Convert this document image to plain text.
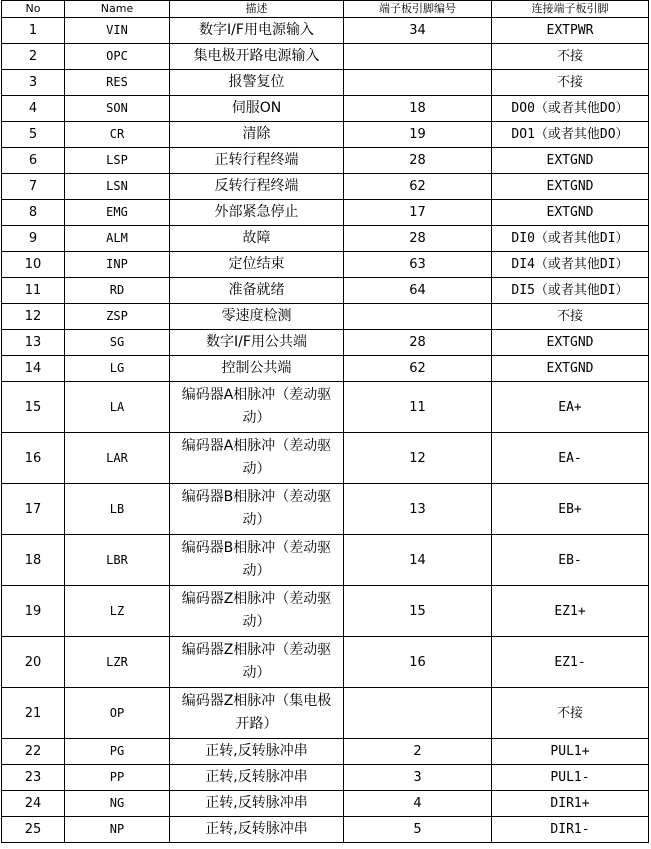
No	Name	描述	端子板引脚编号	连接端子板引脚
1	VIN	数字I/F用电源输入	34	EXTPWR
2	OPC	集电极开路电源输入		不接
3	RES	报警复位		不接
4	SON	伺服ON	18	DO0（或者其他DO）
5	CR	清除	19	DO1（或者其他DO）
6	LSP	正转行程终端	28	EXTGND
7	LSN	反转行程终端	62	EXTGND
8	EMG	外部紧急停止	17	EXTGND
9	ALM	故障	28	DI0（或者其他DI）
10	INP	定位结束	63	DI4（或者其他DI）
11	RD	准备就绪	64	DI5（或者其他DI）
12	ZSP	零速度检测		不接
13	SG	数字I/F用公共端	28	EXTGND
14	LG	控制公共端	62	EXTGND
15	LA	编码器A相脉冲（差动驱动）	11	EA+
16	LAR	编码器A相脉冲（差动驱动）	12	EA-
17	LB	编码器B相脉冲（差动驱动）	13	EB+
18	LBR	编码器B相脉冲（差动驱动）	14	EB-
19	LZ	编码器Z相脉冲（差动驱动）	15	EZ1+
20	LZR	编码器Z相脉冲（差动驱动）	16	EZ1-
21	OP	编码器Z相脉冲（集电极开路）		不接
22	PG	正转,反转脉冲串	2	PUL1+
23	PP	正转,反转脉冲串	3	PUL1-
24	NG	正转,反转脉冲串	4	DIR1+
25	NP	正转,反转脉冲串	5	DIR1-
